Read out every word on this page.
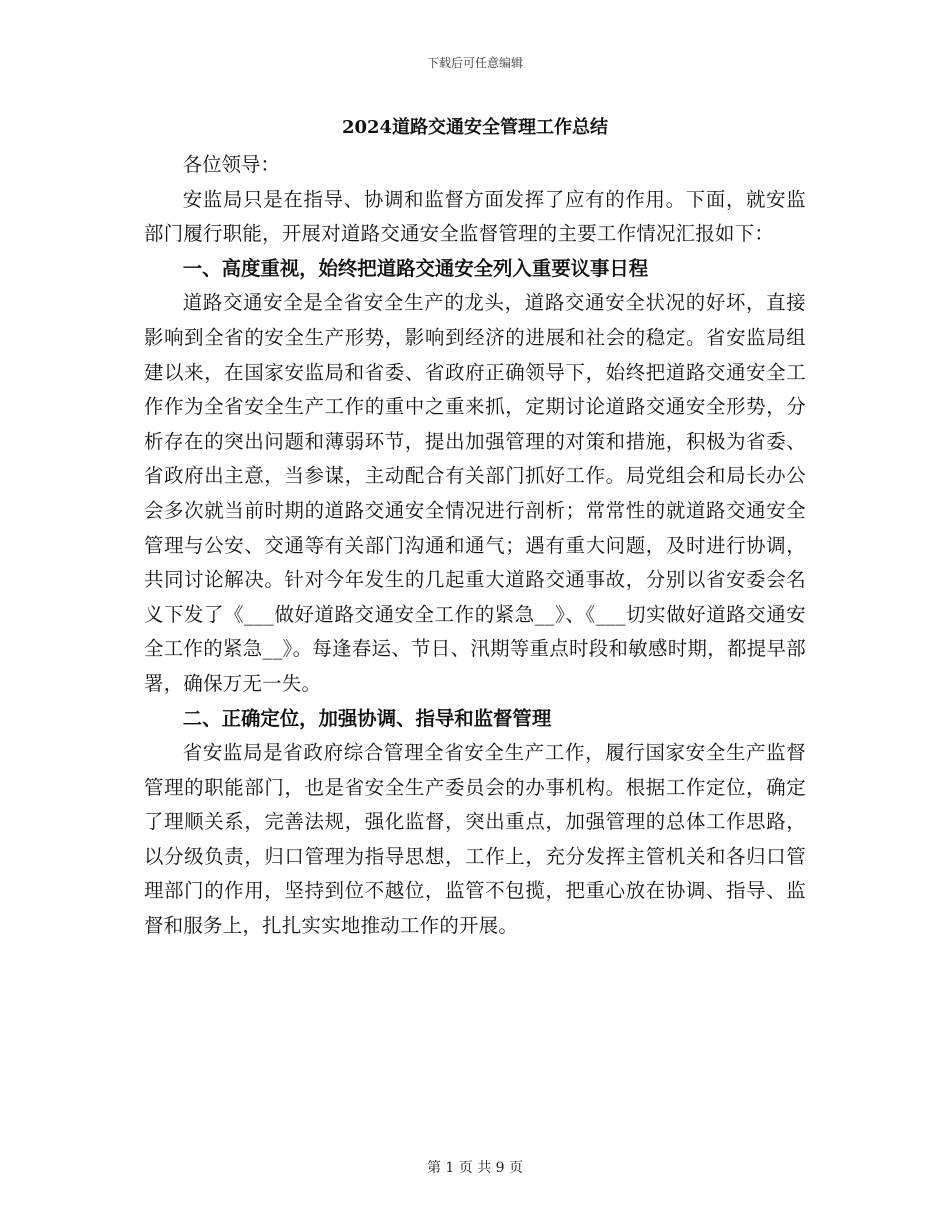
下载后可任意编辑
2024道路交通安全管理工作总结

各位领导：

安监局只是在指导、协调和监督方面发挥了应有的作用。下面，就安监部门履行职能，开展对道路交通安全监督管理的主要工作情况汇报如下：

一、高度重视，始终把道路交通安全列入重要议事日程

道路交通安全是全省安全生产的龙头，道路交通安全状况的好坏，直接影响到全省的安全生产形势，影响到经济的进展和社会的稳定。省安监局组建以来，在国家安监局和省委、省政府正确领导下，始终把道路交通安全工作作为全省安全生产工作的重中之重来抓，定期讨论道路交通安全形势，分析存在的突出问题和薄弱环节，提出加强管理的对策和措施，积极为省委、省政府出主意，当参谋，主动配合有关部门抓好工作。局党组会和局长办公会多次就当前时期的道路交通安全情况进行剖析；常常性的就道路交通安全管理与公安、交通等有关部门沟通和通气；遇有重大问题，及时进行协调，共同讨论解决。针对今年发生的几起重大道路交通事故，分别以省安委会名义下发了《___做好道路交通安全工作的紧急__》、《___切实做好道路交通安全工作的紧急__》。每逢春运、节日、汛期等重点时段和敏感时期，都提早部署，确保万无一失。

二、正确定位，加强协调、指导和监督管理

省安监局是省政府综合管理全省安全生产工作，履行国家安全生产监督管理的职能部门，也是省安全生产委员会的办事机构。根据工作定位，确定了理顺关系，完善法规，强化监督，突出重点，加强管理的总体工作思路，以分级负责，归口管理为指导思想，工作上，充分发挥主管机关和各归口管理部门的作用，坚持到位不越位，监管不包揽，把重心放在协调、指导、监督和服务上，扎扎实实地推动工作的开展。

第 1 页 共 9 页
